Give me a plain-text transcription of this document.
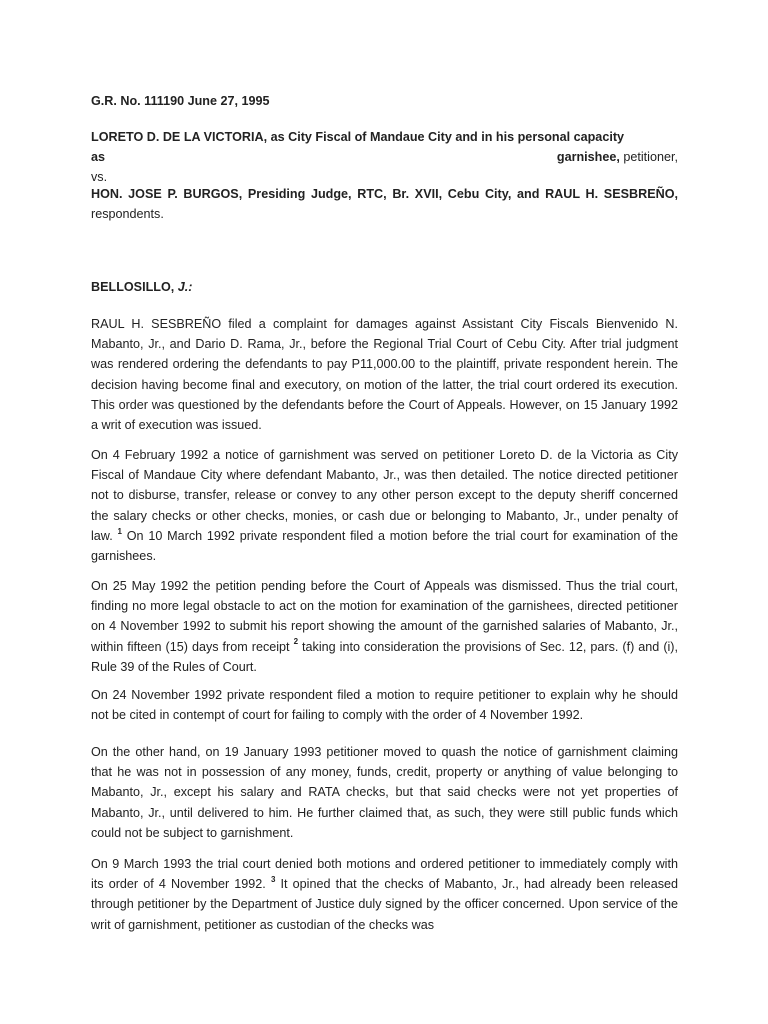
G.R. No. 111190 June 27, 1995

LORETO D. DE LA VICTORIA, as City Fiscal of Mandaue City and in his personal capacity
as	garnishee, petitioner,
vs.

HON. JOSE P. BURGOS, Presiding Judge, RTC, Br. XVII, Cebu City, and RAUL H. SESBREÑO, respondents.

BELLOSILLO, J.:

RAUL H. SESBREÑO filed a complaint for damages against Assistant City Fiscals Bienvenido N. Mabanto, Jr., and Dario D. Rama, Jr., before the Regional Trial Court of Cebu City. After trial judgment was rendered ordering the defendants to pay P11,000.00 to the plaintiff, private respondent herein. The decision having become final and executory, on motion of the latter, the trial court ordered its execution. This order was questioned by the defendants before the Court of Appeals. However, on 15 January 1992 a writ of execution was issued.

On 4 February 1992 a notice of garnishment was served on petitioner Loreto D. de la Victoria as City Fiscal of Mandaue City where defendant Mabanto, Jr., was then detailed. The notice directed petitioner not to disburse, transfer, release or convey to any other person except to the deputy sheriff concerned the salary checks or other checks, monies, or cash due or belonging to Mabanto, Jr., under penalty of law. $^1$ On 10 March 1992 private respondent filed a motion before the trial court for examination of the garnishees.

On 25 May 1992 the petition pending before the Court of Appeals was dismissed. Thus the trial court, finding no more legal obstacle to act on the motion for examination of the garnishees, directed petitioner on 4 November 1992 to submit his report showing the amount of the garnished salaries of Mabanto, Jr., within fifteen (15) days from receipt $^2$ taking into consideration the provisions of Sec. 12, pars. (f) and (i), Rule 39 of the Rules of Court.

On 24 November 1992 private respondent filed a motion to require petitioner to explain why he should not be cited in contempt of court for failing to comply with the order of 4 November 1992.

On the other hand, on 19 January 1993 petitioner moved to quash the notice of garnishment claiming that he was not in possession of any money, funds, credit, property or anything of value belonging to Mabanto, Jr., except his salary and RATA checks, but that said checks were not yet properties of Mabanto, Jr., until delivered to him. He further claimed that, as such, they were still public funds which could not be subject to garnishment.

On 9 March 1993 the trial court denied both motions and ordered petitioner to immediately comply with its order of 4 November 1992. $^3$ It opined that the checks of Mabanto, Jr., had already been released through petitioner by the Department of Justice duly signed by the officer concerned. Upon service of the writ of garnishment, petitioner as custodian of the checks was
